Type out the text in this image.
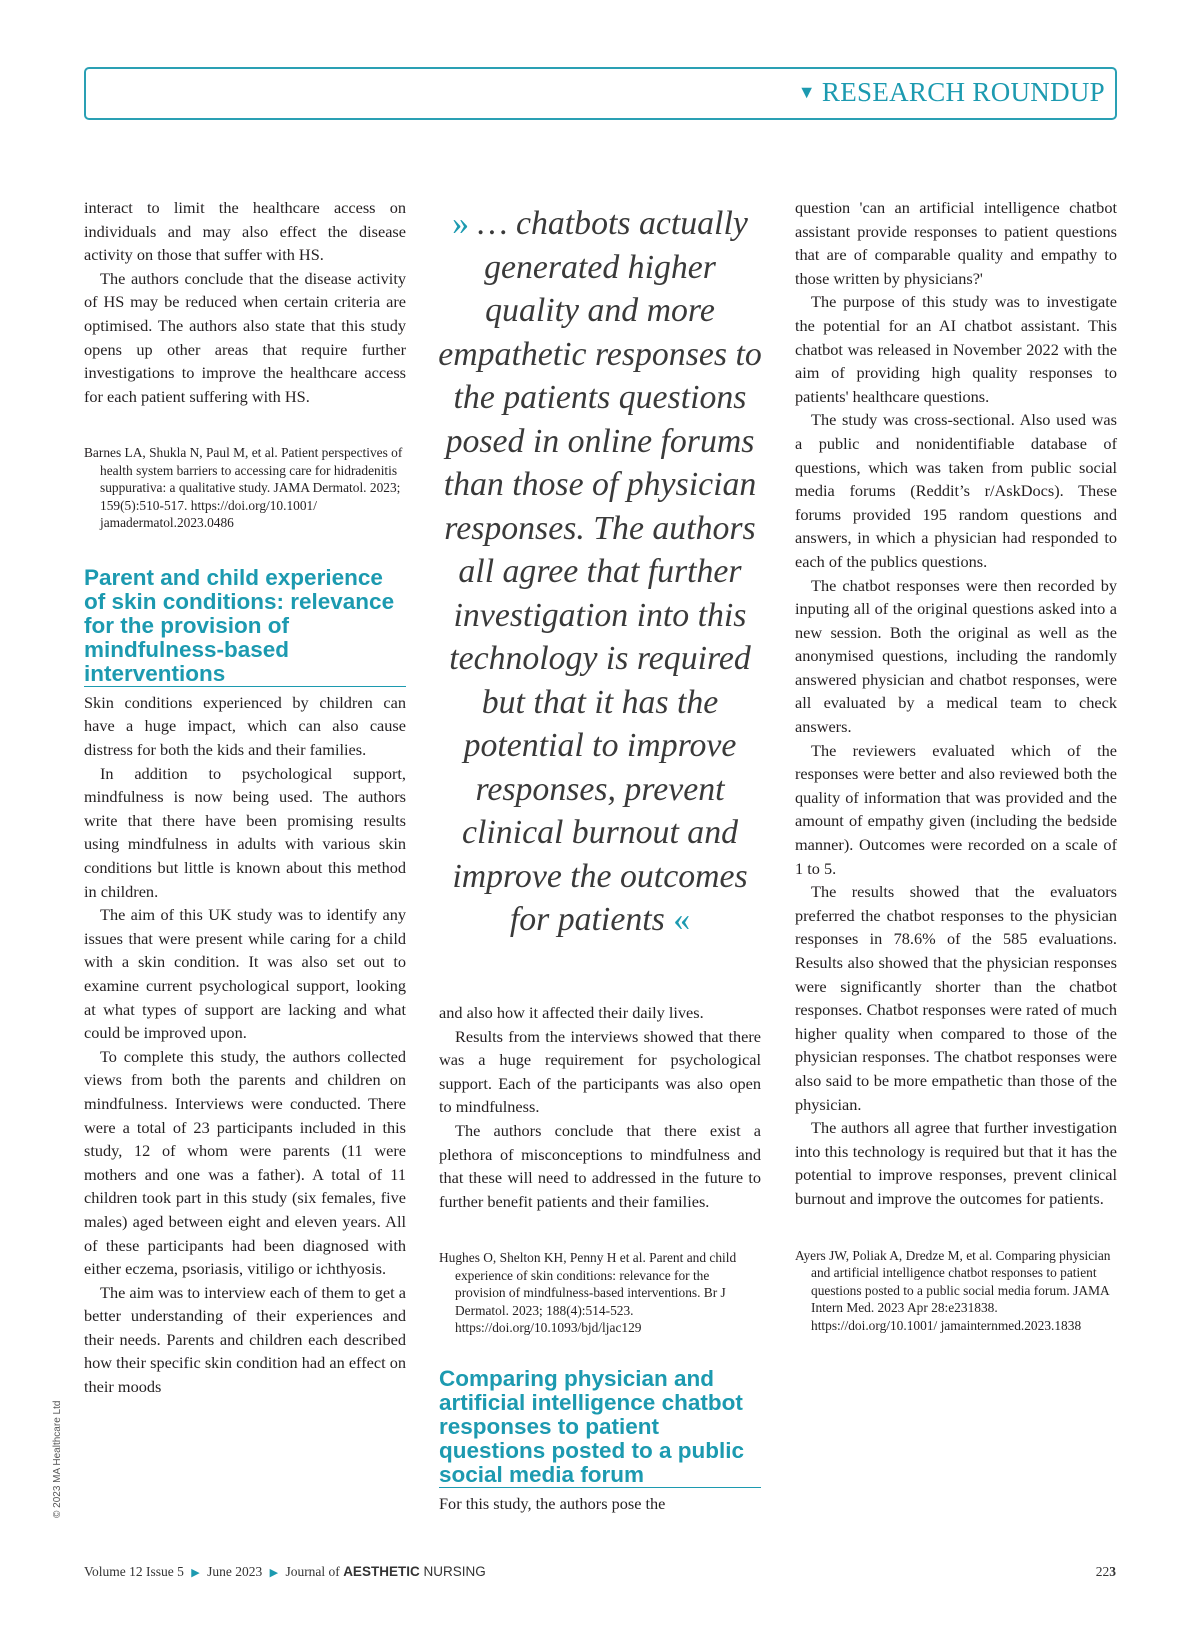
▼ RESEARCH ROUNDUP

interact to limit the healthcare access on individuals and may also effect the disease activity on those that suffer with HS.

The authors conclude that the disease activity of HS may be reduced when certain criteria are optimised. The authors also state that this study opens up other areas that require further investigations to improve the healthcare access for each patient suffering with HS.

Barnes LA, Shukla N, Paul M, et al. Patient perspectives of health system barriers to accessing care for hidradenitis suppurativa: a qualitative study. JAMA Dermatol. 2023; 159(5):510-517. https://doi.org/10.1001/ jamadermatol.2023.0486

Parent and child experience of skin conditions: relevance for the provision of mindfulness-based interventions

Skin conditions experienced by children can have a huge impact, which can also cause distress for both the kids and their families.

In addition to psychological support, mindfulness is now being used. The authors write that there have been promising results using mindfulness in adults with various skin conditions but little is known about this method in children.

The aim of this UK study was to identify any issues that were present while caring for a child with a skin condition. It was also set out to examine current psychological support, looking at what types of support are lacking and what could be improved upon.

To complete this study, the authors collected views from both the parents and children on mindfulness. Interviews were conducted. There were a total of 23 participants included in this study, 12 of whom were parents (11 were mothers and one was a father). A total of 11 children took part in this study (six females, five males) aged between eight and eleven years. All of these participants had been diagnosed with either eczema, psoriasis, vitiligo or ichthyosis.

The aim was to interview each of them to get a better understanding of their experiences and their needs. Parents and children each described how their specific skin condition had an effect on their moods

» … chatbots actually generated higher quality and more empathetic responses to the patients questions posed in online forums than those of physician responses. The authors all agree that further investigation into this technology is required but that it has the potential to improve responses, prevent clinical burnout and improve the outcomes for patients «

and also how it affected their daily lives.

Results from the interviews showed that there was a huge requirement for psychological support. Each of the participants was also open to mindfulness.

The authors conclude that there exist a plethora of misconceptions to mindfulness and that these will need to addressed in the future to further benefit patients and their families.

Hughes O, Shelton KH, Penny H et al. Parent and child experience of skin conditions: relevance for the provision of mindfulness-based interventions. Br J Dermatol. 2023; 188(4):514-523. https://doi.org/10.1093/bjd/ljac129

Comparing physician and artificial intelligence chatbot responses to patient questions posted to a public social media forum

For this study, the authors pose the

question 'can an artificial intelligence chatbot assistant provide responses to patient questions that are of comparable quality and empathy to those written by physicians?'

The purpose of this study was to investigate the potential for an AI chatbot assistant. This chatbot was released in November 2022 with the aim of providing high quality responses to patients' healthcare questions.

The study was cross-sectional. Also used was a public and nonidentifiable database of questions, which was taken from public social media forums (Reddit’s r/AskDocs). These forums provided 195 random questions and answers, in which a physician had responded to each of the publics questions.

The chatbot responses were then recorded by inputing all of the original questions asked into a new session. Both the original as well as the anonymised questions, including the randomly answered physician and chatbot responses, were all evaluated by a medical team to check answers.

The reviewers evaluated which of the responses were better and also reviewed both the quality of information that was provided and the amount of empathy given (including the bedside manner). Outcomes were recorded on a scale of 1 to 5.

The results showed that the evaluators preferred the chatbot responses to the physician responses in 78.6% of the 585 evaluations. Results also showed that the physician responses were significantly shorter than the chatbot responses. Chatbot responses were rated of much higher quality when compared to those of the physician responses. The chatbot responses were also said to be more empathetic than those of the physician.

The authors all agree that further investigation into this technology is required but that it has the potential to improve responses, prevent clinical burnout and improve the outcomes for patients.

Ayers JW, Poliak A, Dredze M, et al. Comparing physician and artificial intelligence chatbot responses to patient questions posted to a public social media forum. JAMA Intern Med. 2023 Apr 28:e231838. https://doi.org/10.1001/ jamainternmed.2023.1838

© 2023 MA Healthcare Ltd
Volume 12 Issue 5 ▶ June 2023 ▶ Journal of AESTHETIC NURSING	223
